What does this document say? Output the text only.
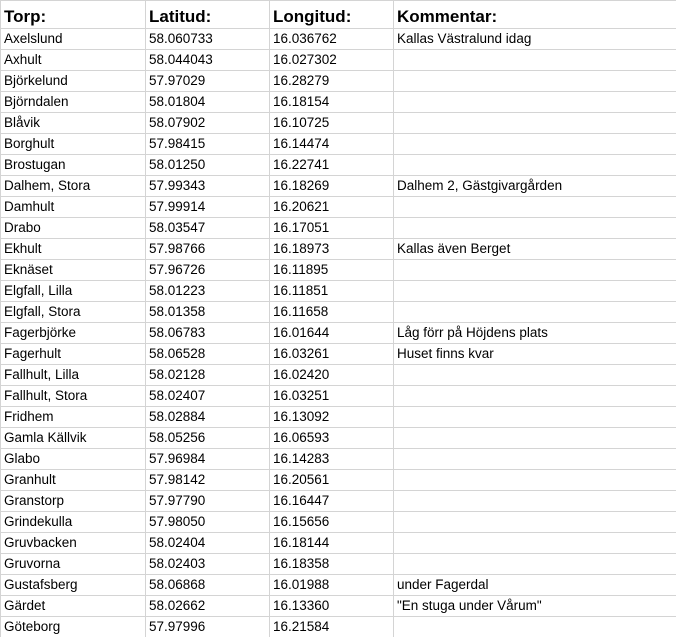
Torp:	Latitud:	Longitud:	Kommentar:
Axelslund	58.060733	16.036762	Kallas Västralund idag
Axhult	58.044043	16.027302	
Björkelund	57.97029	16.28279	
Björndalen	58.01804	16.18154	
Blåvik	58.07902	16.10725	
Borghult	57.98415	16.14474	
Brostugan	58.01250	16.22741	
Dalhem, Stora	57.99343	16.18269	Dalhem 2, Gästgivargården
Damhult	57.99914	16.20621	
Drabo	58.03547	16.17051	
Ekhult	57.98766	16.18973	Kallas även Berget
Eknäset	57.96726	16.11895	
Elgfall, Lilla	58.01223	16.11851	
Elgfall, Stora	58.01358	16.11658	
Fagerbjörke	58.06783	16.01644	Låg förr på Höjdens plats
Fagerhult	58.06528	16.03261	Huset finns kvar
Fallhult, Lilla	58.02128	16.02420	
Fallhult, Stora	58.02407	16.03251	
Fridhem	58.02884	16.13092	
Gamla Källvik	58.05256	16.06593	
Glabo	57.96984	16.14283	
Granhult	57.98142	16.20561	
Granstorp	57.97790	16.16447	
Grindekulla	57.98050	16.15656	
Gruvbacken	58.02404	16.18144	
Gruvorna	58.02403	16.18358	
Gustafsberg	58.06868	16.01988	under Fagerdal
Gärdet	58.02662	16.13360	"En stuga under Vårum"
Göteborg	57.97996	16.21584	
